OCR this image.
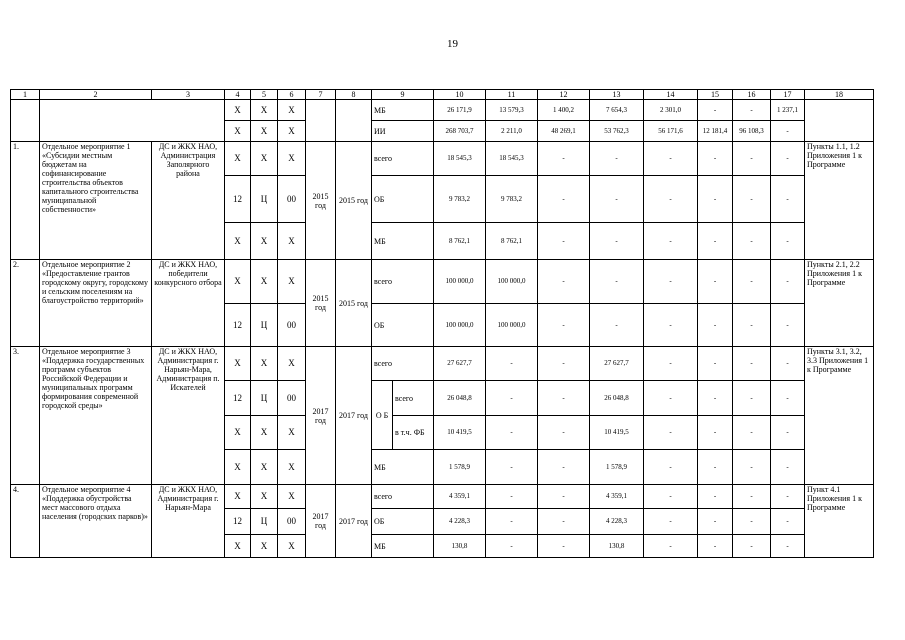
19
1	2	3	4	5	6	7	8	9		10	11	12	13	14	15	16	17	18
			X	X	X			МБ		26 171,9	13 579,3	1 400,2	7 654,3	2 301,0	-	-	1 237,1	
			X	X	X			ИИ		268 703,7	2 211,0	48 269,1	53 762,3	56 171,6	12 181,4	96 108,3	-	
1.	Отдельное мероприятие 1 «Субсидии местным бюджетам на софинансирование строительства объектов капитального строительства муниципальной собственности»	ДС и ЖКХ НАО, Администрация Заполярного района	X	X	X	2015 год	2015 год	всего		18 545,3	18 545,3	-	-	-	-	-	-	Пункты 1.1, 1.2 Приложения 1 к Программе
			12	Ц	00			ОБ		9 783,2	9 783,2	-	-	-	-	-	-	
			X	X	X			МБ		8 762,1	8 762,1	-	-	-	-	-	-	
2.	Отдельное мероприятие 2 «Предоставление грантов городскому округу, городскому и сельским поселениям на благоустройство территорий»	ДС и ЖКХ НАО, победители конкурсного отбора	X	X	X	2015 год	2015 год	всего		100 000,0	100 000,0	-	-	-	-	-	-	Пункты 2.1, 2.2 Приложения 1 к Программе
			12	Ц	00			ОБ		100 000,0	100 000,0	-	-	-	-	-	-	
3.	Отдельное мероприятие 3 «Поддержка государственных программ субъектов Российской Федерации и муниципальных программ формирования современной городской среды»	ДС и ЖКХ НАО, Администрация г. Нарьян-Мара, Администрация п. Искателей	X	X	X	2017 год	2017 год	всего		27 627,7	-	-	27 627,7	-	-	-	-	Пункты 3.1, 3.2, 3.3 Приложения 1 к Программе
			12	Ц	00			О Б	всего	26 048,8	-	-	26 048,8	-	-	-	-	
			X	X	X				в т.ч. ФБ	10 419,5	-	-	10 419,5	-	-	-	-	
			X	X	X			МБ		1 578,9	-	-	1 578,9	-	-	-	-	
4.	Отдельное мероприятие 4 «Поддержка обустройства мест массового отдыха населения (городских парков)»	ДС и ЖКХ НАО, Администрация г. Нарьян-Мара	X	X	X	2017 год	2017 год	всего		4 359,1	-	-	4 359,1	-	-	-	-	Пункт 4.1 Приложения 1 к Программе
			12	Ц	00			ОБ		4 228,3	-	-	4 228,3	-	-	-	-	
			X	X	X			МБ		130,8	-	-	130,8	-	-	-	-	
